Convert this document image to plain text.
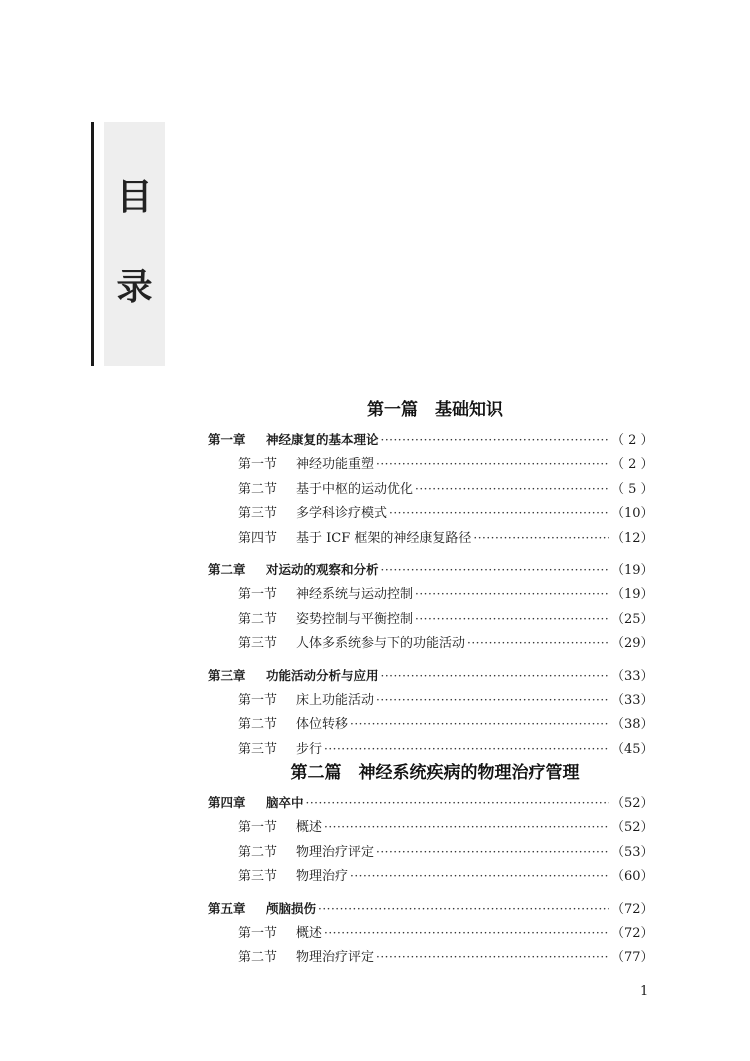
目
录
第一篇　基础知识
第一章 神经康复的基本理论 ·····	（ 2 ）
第一节 神经功能重塑 ·····	（ 2 ）
第二节 基于中枢的运动优化 ·····	（ 5 ）
第三节 多学科诊疗模式 ·····	（10）
第四节 基于 ICF 框架的神经康复路径 ·····	（12）
第二章 对运动的观察和分析 ·····	（19）
第一节 神经系统与运动控制 ·····	（19）
第二节 姿势控制与平衡控制 ·····	（25）
第三节 人体多系统参与下的功能活动 ·····	（29）
第三章 功能活动分析与应用 ·····	（33）
第一节 床上功能活动 ·····	（33）
第二节 体位转移 ·····	（38）
第三节 步行 ·····	（45）
第二篇　神经系统疾病的物理治疗管理
第四章 脑卒中 ·····	（52）
第一节 概述 ·····	（52）
第二节 物理治疗评定 ·····	（53）
第三节 物理治疗 ·····	（60）
第五章 颅脑损伤 ·····	（72）
第一节 概述 ·····	（72）
第二节 物理治疗评定 ·····	（77）
1
